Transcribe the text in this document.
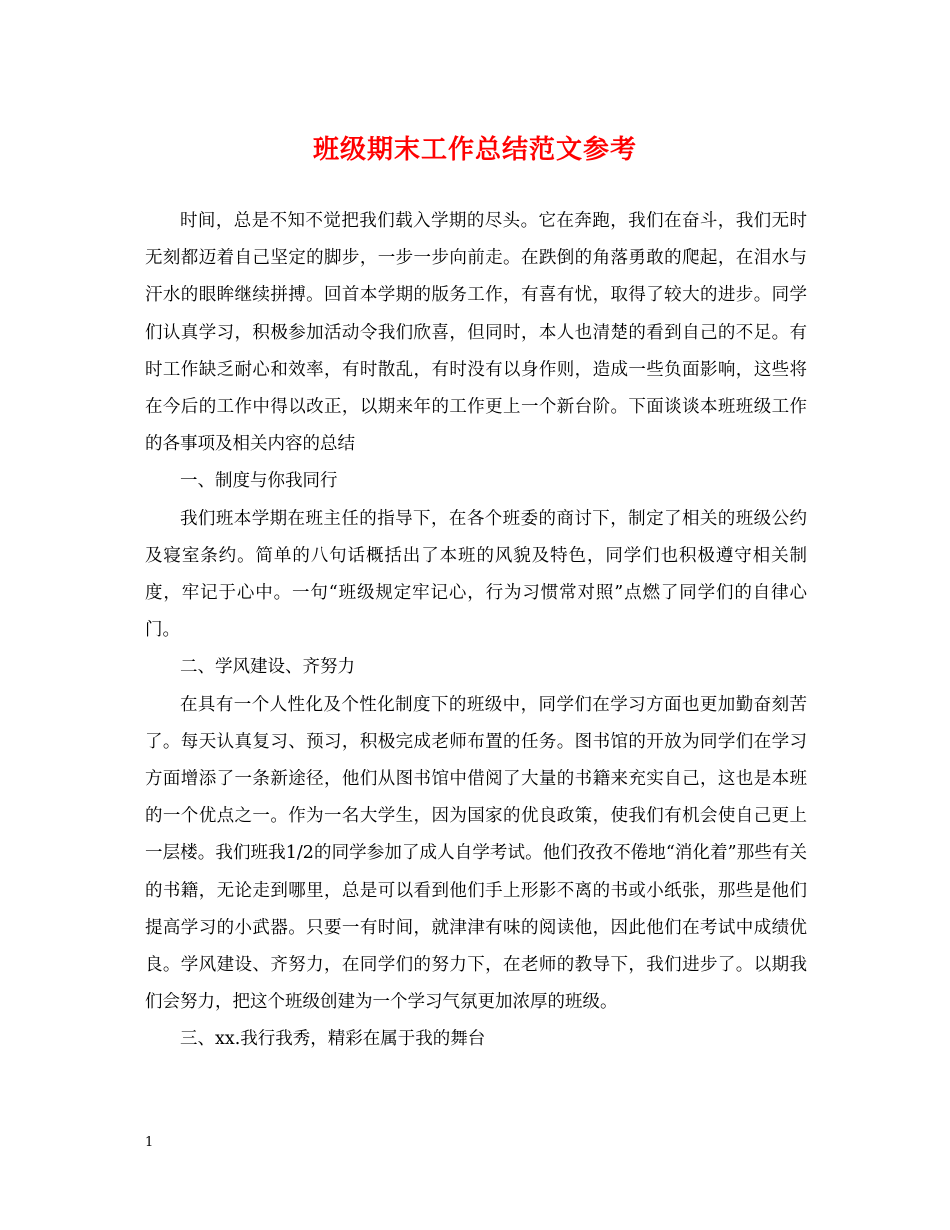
班级期末工作总结范文参考

时间，总是不知不觉把我们载入学期的尽头。它在奔跑，我们在奋斗，我们无时无刻都迈着自己坚定的脚步，一步一步向前走。在跌倒的角落勇敢的爬起，在泪水与汗水的眼眸继续拼搏。回首本学期的版务工作，有喜有忧，取得了较大的进步。同学们认真学习，积极参加活动令我们欣喜，但同时，本人也清楚的看到自己的不足。有时工作缺乏耐心和效率，有时散乱，有时没有以身作则，造成一些负面影响，这些将在今后的工作中得以改正，以期来年的工作更上一个新台阶。下面谈谈本班班级工作的各事项及相关内容的总结

一、制度与你我同行

我们班本学期在班主任的指导下，在各个班委的商讨下，制定了相关的班级公约及寝室条约。简单的八句话概括出了本班的风貌及特色，同学们也积极遵守相关制度，牢记于心中。一句“班级规定牢记心，行为习惯常对照”点燃了同学们的自律心门。

二、学风建设、齐努力

在具有一个人性化及个性化制度下的班级中，同学们在学习方面也更加勤奋刻苦了。每天认真复习、预习，积极完成老师布置的任务。图书馆的开放为同学们在学习方面增添了一条新途径，他们从图书馆中借阅了大量的书籍来充实自己，这也是本班的一个优点之一。作为一名大学生，因为国家的优良政策，使我们有机会使自己更上一层楼。我们班我1/2的同学参加了成人自学考试。他们孜孜不倦地“消化着”那些有关的书籍，无论走到哪里，总是可以看到他们手上形影不离的书或小纸张，那些是他们提高学习的小武器。只要一有时间，就津津有味的阅读他，因此他们在考试中成绩优良。学风建设、齐努力，在同学们的努力下，在老师的教导下，我们进步了。以期我们会努力，把这个班级创建为一个学习气氛更加浓厚的班级。

三、xx.我行我秀，精彩在属于我的舞台

1
